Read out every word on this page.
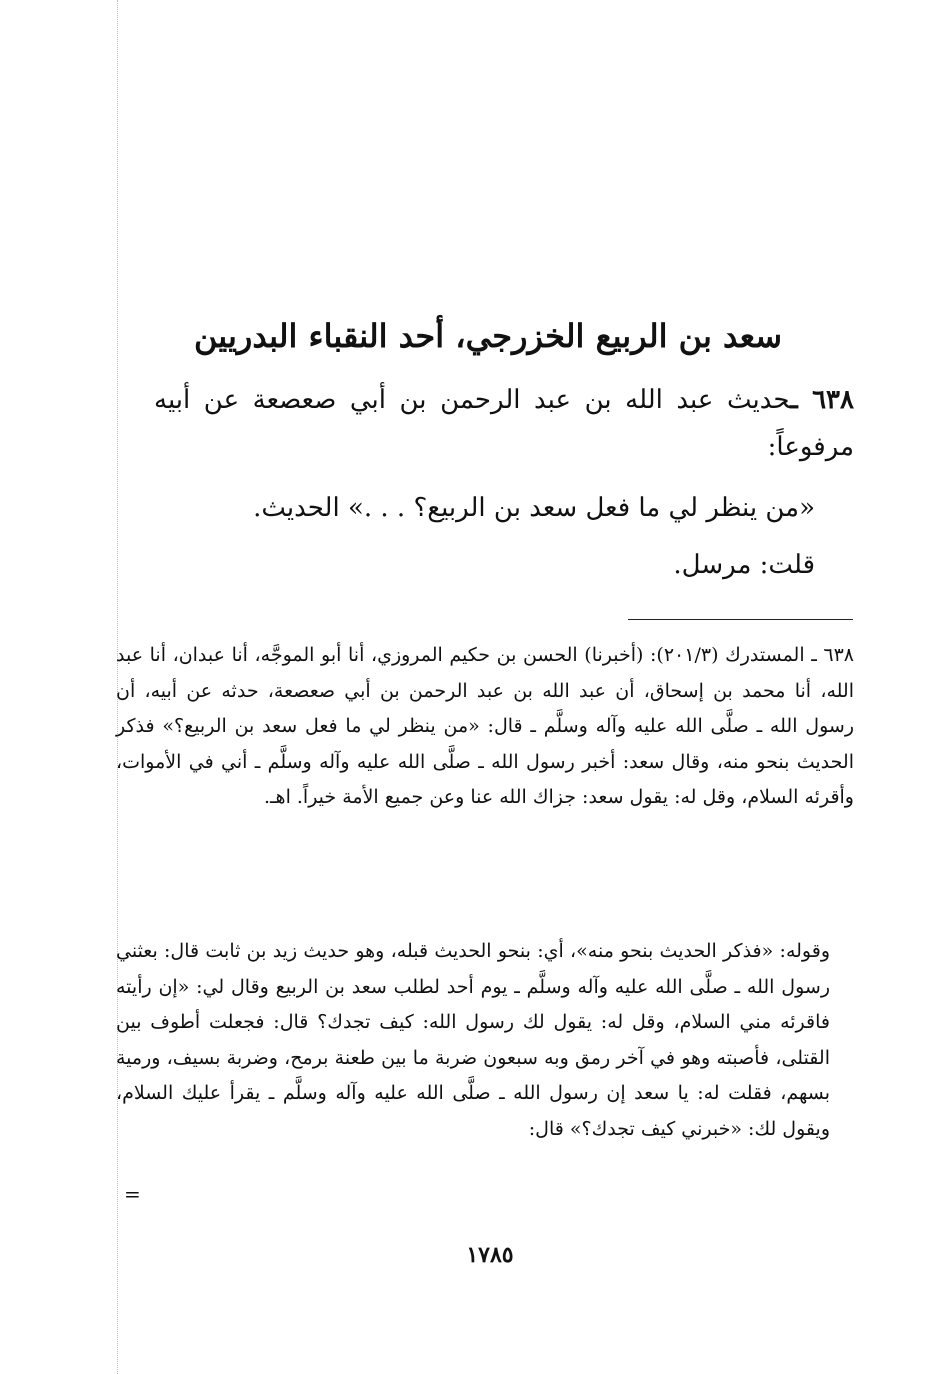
سعد بن الربيع الخزرجي، أحد النقباء البدريين
٦٣٨ ـحديث عبد الله بن عبد الرحمن بن أبي صعصعة عن أبيه مرفوعاً:
«من ينظر لي ما فعل سعد بن الربيع؟ . . .» الحديث.
قلت: مرسل.
٦٣٨ ـ المستدرك (٢٠١/٣): (أخبرنا) الحسن بن حكيم المروزي، أنا أبو الموجَّه، أنا عبدان، أنا عبد الله، أنا محمد بن إسحاق، أن عبد الله بن عبد الرحمن بن أبي صعصعة، حدثه عن أبيه، أن رسول الله ـ صلَّى الله عليه وآله وسلَّم ـ قال: «من ينظر لي ما فعل سعد بن الربيع؟» فذكر الحديث بنحو منه، وقال سعد: أخبر رسول الله ـ صلَّى الله عليه وآله وسلَّم ـ أني في الأموات، وأقرئه السلام، وقل له: يقول سعد: جزاك الله عنا وعن جميع الأمة خيراً. اهـ.
وقوله: «فذكر الحديث بنحو منه»، أي: بنحو الحديث قبله، وهو حديث زيد بن ثابت قال: بعثني رسول الله ـ صلَّى الله عليه وآله وسلَّم ـ يوم أحد لطلب سعد بن الربيع وقال لي: «إن رأيته فاقرئه مني السلام، وقل له: يقول لك رسول الله: كيف تجدك؟ قال: فجعلت أطوف بين القتلى، فأصبته وهو في آخر رمق وبه سبعون ضربة ما بين طعنة برمح، وضربة بسيف، ورمية بسهم، فقلت له: يا سعد إن رسول الله ـ صلَّى الله عليه وآله وسلَّم ـ يقرأ عليك السلام، ويقول لك: «خبرني كيف تجدك؟» قال:
=
١٧٨٥
